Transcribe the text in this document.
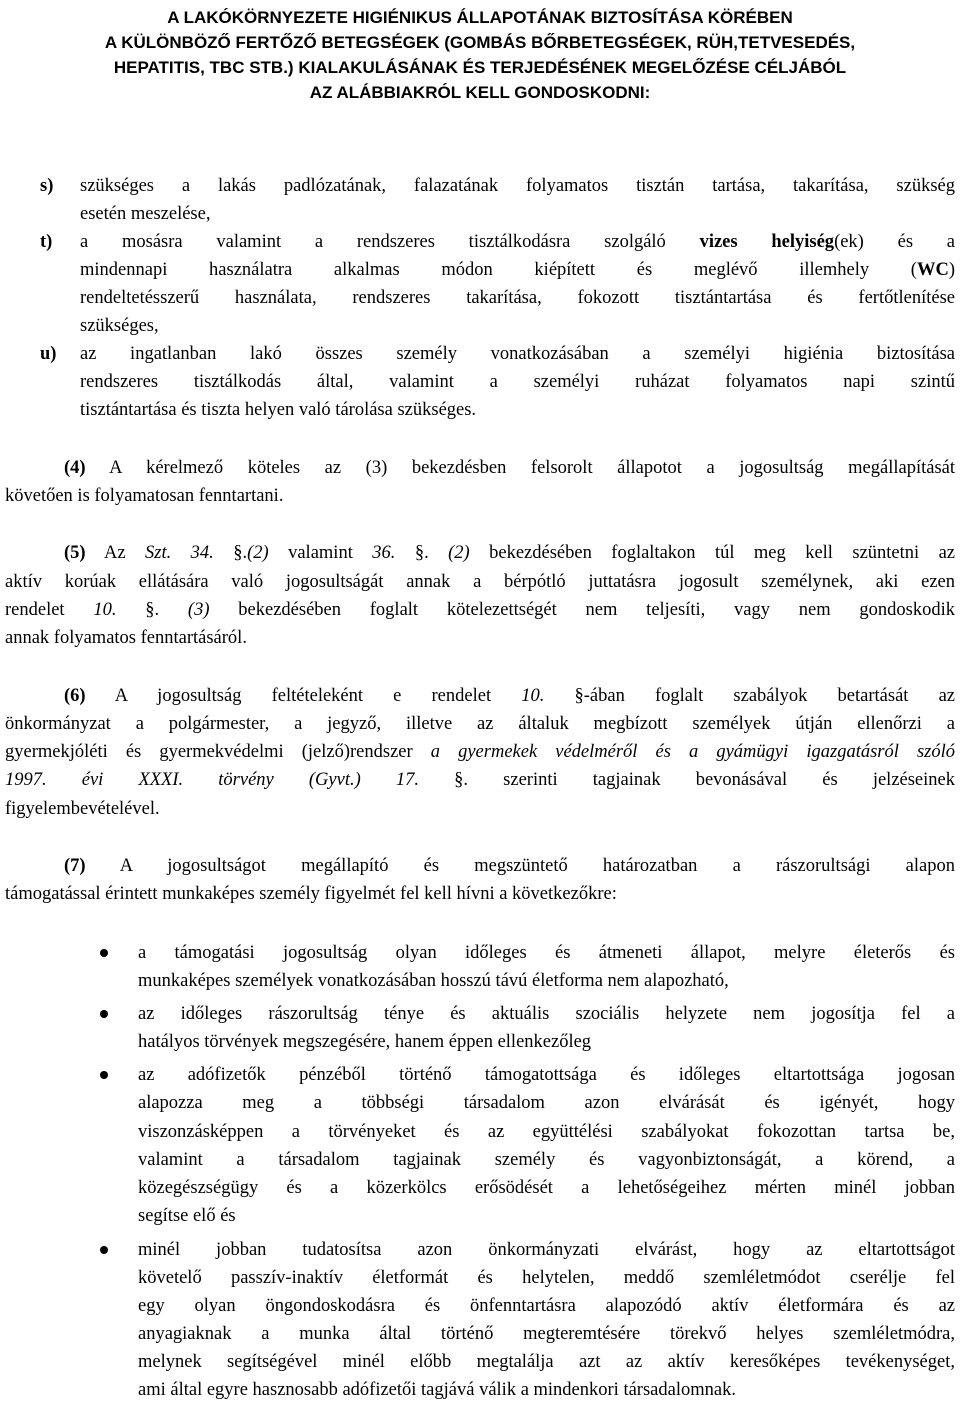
A LAKÓKÖRNYEZETE HIGIÉNIKUS ÁLLAPOTÁNAK BIZTOSÍTÁSA KÖRÉBEN
A KÜLÖNBÖZŐ FERTŐZŐ BETEGSÉGEK (GOMBÁS BŐRBETEGSÉGEK, RÜH,TETVESEDÉS,
HEPATITIS, TBC STB.) KIALAKULÁSÁNAK ÉS TERJEDÉSÉNEK MEGELŐZÉSE CÉLJÁBÓL
AZ ALÁBBIAKRÓL KELL GONDOSKODNI:
s) szükséges a lakás padlózatának, falazatának folyamatos tisztán tartása, takarítása, szükség
esetén meszelése,
t) a mosásra valamint a rendszeres tisztálkodásra szolgáló vizes helyiség(ek) és a
mindennapi használatra alkalmas módon kiépített és meglévő illemhely (WC)
rendeltetésszerű használata, rendszeres takarítása, fokozott tisztántartása és fertőtlenítése
szükséges,
u) az ingatlanban lakó összes személy vonatkozásában a személyi higiénia biztosítása
rendszeres tisztálkodás által, valamint a személyi ruházat folyamatos napi szintű
tisztántartása és tiszta helyen való tárolása szükséges.
(4) A kérelmező köteles az (3) bekezdésben felsorolt állapotot a jogosultság megállapítását
követően is folyamatosan fenntartani.
(5) Az Szt. 34. §.(2) valamint 36. §. (2) bekezdésében foglaltakon túl meg kell szüntetni az
aktív korúak ellátására való jogosultságát annak a bérpótló juttatásra jogosult személynek, aki ezen
rendelet 10. §. (3) bekezdésében foglalt kötelezettségét nem teljesíti, vagy nem gondoskodik
annak folyamatos fenntartásáról.
(6) A jogosultság feltételeként e rendelet 10. §-ában foglalt szabályok betartását az
önkormányzat a polgármester, a jegyző, illetve az általuk megbízott személyek útján ellenőrzi a
gyermekjóléti és gyermekvédelmi (jelző)rendszer a gyermekek védelméről és a gyámügyi igazgatásról szóló
1997. évi XXXI. törvény (Gyvt.) 17. §. szerinti tagjainak bevonásával és jelzéseinek
figyelembevételével.
(7) A jogosultságot megállapító és megszüntető határozatban a rászorultsági alapon
támogatással érintett munkaképes személy figyelmét fel kell hívni a következőkre:
a támogatási jogosultság olyan időleges és átmeneti állapot, melyre életerős és
munkaképes személyek vonatkozásában hosszú távú életforma nem alapozható,
az időleges rászorultság ténye és aktuális szociális helyzete nem jogosítja fel a
hatályos törvények megszegésére, hanem éppen ellenkezőleg
az adófizetők pénzéből történő támogatottsága és időleges eltartottsága jogosan
alapozza meg a többségi társadalom azon elvárását és igényét, hogy
viszonzásképpen a törvényeket és az együttélési szabályokat fokozottan tartsa be,
valamint a társadalom tagjainak személy és vagyonbiztonságát, a körend, a
közegészségügy és a közerkölcs erősödését a lehetőségeihez mérten minél jobban
segítse elő és
minél jobban tudatosítsa azon önkormányzati elvárást, hogy az eltartottságot
követelő passzív-inaktív életformát és helytelen, meddő szemléletmódot cserélje fel
egy olyan öngondoskodásra és önfenntartásra alapozódó aktív életformára és az
anyagiaknak a munka által történő megteremtésére törekvő helyes szemléletmódra,
melynek segítségével minél előbb megtalálja azt az aktív keresőképes tevékenységet,
ami által egyre hasznosabb adófizetői tagjává válik a mindenkori társadalomnak.
